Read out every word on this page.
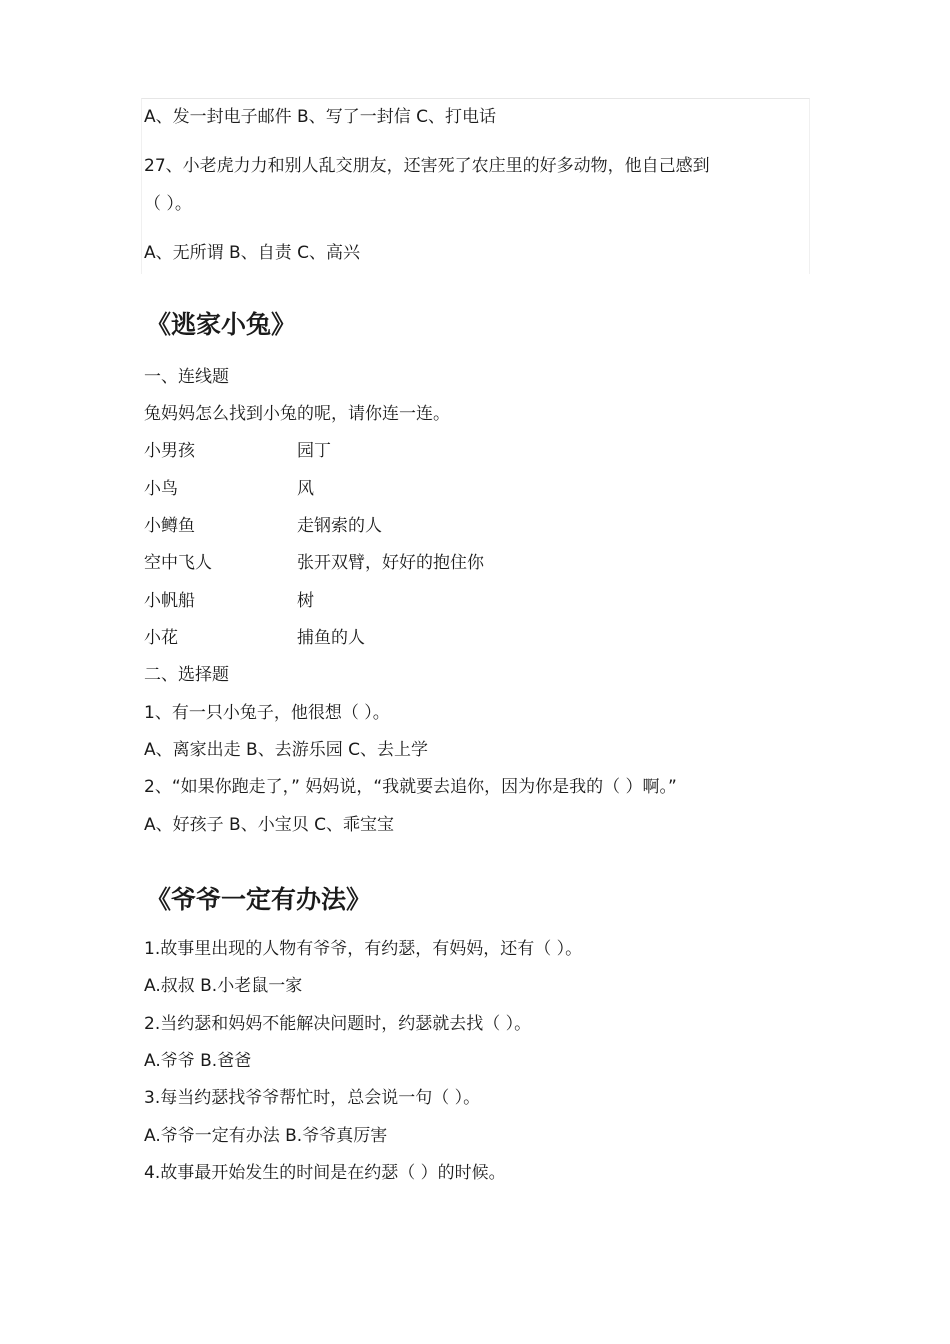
A、发一封电子邮件 B、写了一封信 C、打电话
27、小老虎力力和别人乱交朋友，还害死了农庄里的好多动物，他自己感到
（ ）。
A、无所谓 B、自责 C、高兴
《逃家小兔》
一、连线题
兔妈妈怎么找到小兔的呢，请你连一连。
小男孩	园丁
小鸟	风
小鳟鱼	走钢索的人
空中飞人	张开双臂，好好的抱住你
小帆船	树
小花	捕鱼的人
二、选择题
1、有一只小兔子，他很想（ ）。
A、离家出走 B、去游乐园 C、去上学
2、“如果你跑走了，” 妈妈说，“我就要去追你，因为你是我的（ ）啊。”
A、好孩子 B、小宝贝 C、乖宝宝
《爷爷一定有办法》
1.故事里出现的人物有爷爷，有约瑟，有妈妈，还有（ ）。
A.叔叔 B.小老鼠一家
2.当约瑟和妈妈不能解决问题时，约瑟就去找（ ）。
A.爷爷 B.爸爸
3.每当约瑟找爷爷帮忙时，总会说一句（ ）。
A.爷爷一定有办法 B.爷爷真厉害
4.故事最开始发生的时间是在约瑟（ ）的时候。
